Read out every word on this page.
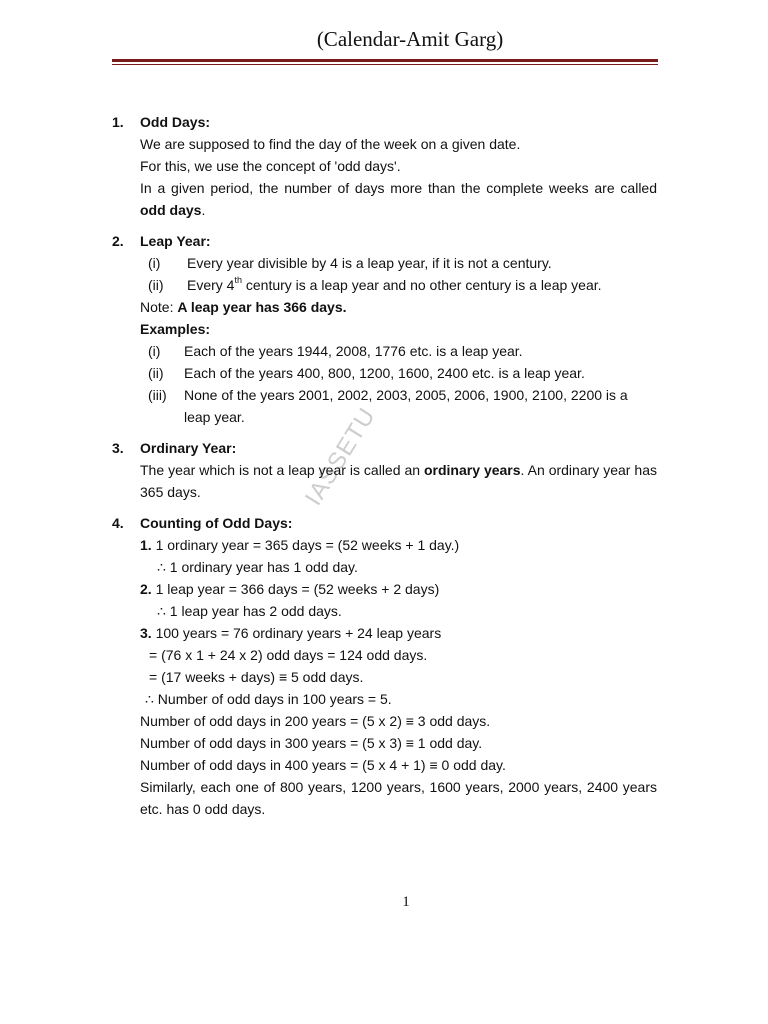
(Calendar-Amit Garg)
IASSETU
1. Odd Days:
We are supposed to find the day of the week on a given date.
For this, we use the concept of 'odd days'.
In a given period, the number of days more than the complete weeks are called odd days.
2. Leap Year:
(i) Every year divisible by 4 is a leap year, if it is not a century.
(ii) Every 4th century is a leap year and no other century is a leap year.
Note: A leap year has 366 days.
Examples:
(i) Each of the years 1944, 2008, 1776 etc. is a leap year.
(ii) Each of the years 400, 800, 1200, 1600, 2400 etc. is a leap year.
(iii) None of the years 2001, 2002, 2003, 2005, 2006, 1900, 2100, 2200 is a leap year.
3. Ordinary Year:
The year which is not a leap year is called an ordinary years. An ordinary year has 365 days.
4. Counting of Odd Days:
1. 1 ordinary year = 365 days = (52 weeks + 1 day.)
∴ 1 ordinary year has 1 odd day.
2. 1 leap year = 366 days = (52 weeks + 2 days)
∴ 1 leap year has 2 odd days.
3. 100 years = 76 ordinary years + 24 leap years
= (76 x 1 + 24 x 2) odd days = 124 odd days.
= (17 weeks + days) ≡ 5 odd days.
∴ Number of odd days in 100 years = 5.
Number of odd days in 200 years = (5 x 2) ≡ 3 odd days.
Number of odd days in 300 years = (5 x 3) ≡ 1 odd day.
Number of odd days in 400 years = (5 x 4 + 1) ≡ 0 odd day.
Similarly, each one of 800 years, 1200 years, 1600 years, 2000 years, 2400 years etc. has 0 odd days.
1
